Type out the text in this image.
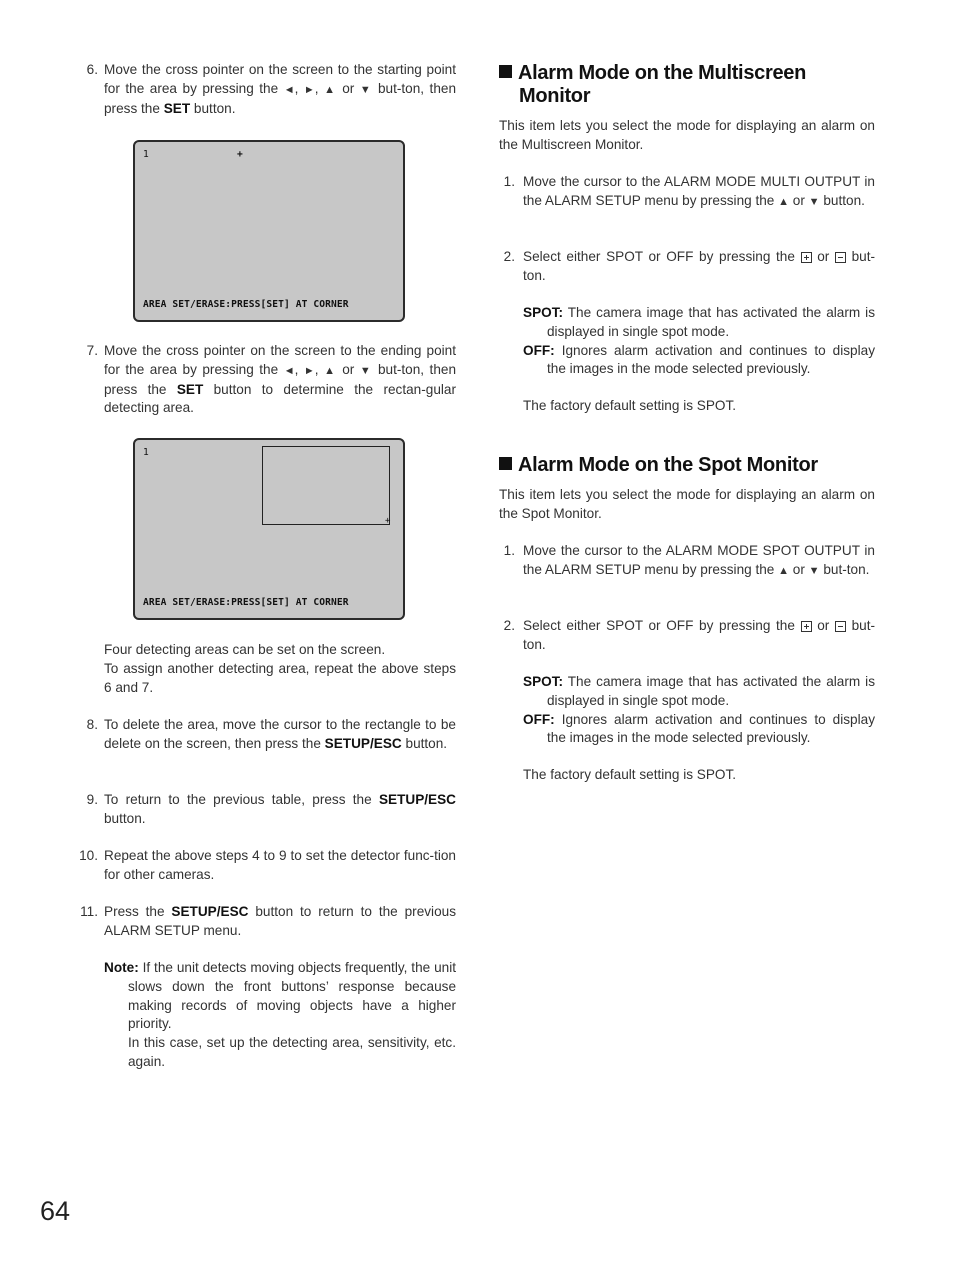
6. Move the cross pointer on the screen to the starting point for the area by pressing the ◄, ►, ▲ or ▼ but-ton, then press the SET button.
7. Move the cross pointer on the screen to the ending point for the area by pressing the ◄, ►, ▲ or ▼ but-ton, then press the SET button to determine the rectan-gular detecting area.
Four detecting areas can be set on the screen.
To assign another detecting area, repeat the above steps 6 and 7.
8. To delete the area, move the cursor to the rectangle to be delete on the screen, then press the SETUP/ESC button.
9. To return to the previous table, press the SETUP/ESC button.
10. Repeat the above steps 4 to 9 to set the detector func-tion for other cameras.
11. Press the SETUP/ESC button to return to the previous ALARM SETUP menu.
Note: If the unit detects moving objects frequently, the unit slows down the front buttons’ response because making records of moving objects have a higher priority.
In this case, set up the detecting area, sensitivity, etc. again.
1	+
AREA SET/ERASE:PRESS[SET] AT CORNER
1
+
AREA SET/ERASE:PRESS[SET] AT CORNER
Alarm Mode on the Multiscreen
Monitor
This item lets you select the mode for displaying an alarm on the Multiscreen Monitor.
1. Move the cursor to the ALARM MODE MULTI OUTPUT in the ALARM SETUP menu by pressing the ▲ or ▼ button.
2. Select either SPOT or OFF by pressing the  or  but-ton.
SPOT: The camera image that has activated the alarm is displayed in single spot mode.
OFF: Ignores alarm activation and continues to display the images in the mode selected previously.
The factory default setting is SPOT.
Alarm Mode on the Spot Monitor
This item lets you select the mode for displaying an alarm on the Spot Monitor.
1. Move the cursor to the ALARM MODE SPOT OUTPUT in the ALARM SETUP menu by pressing the ▲ or ▼ but-ton.
2. Select either SPOT or OFF by pressing the  or  but-ton.
SPOT: The camera image that has activated the alarm is displayed in single spot mode.
OFF: Ignores alarm activation and continues to display the images in the mode selected previously.
The factory default setting is SPOT.
64
